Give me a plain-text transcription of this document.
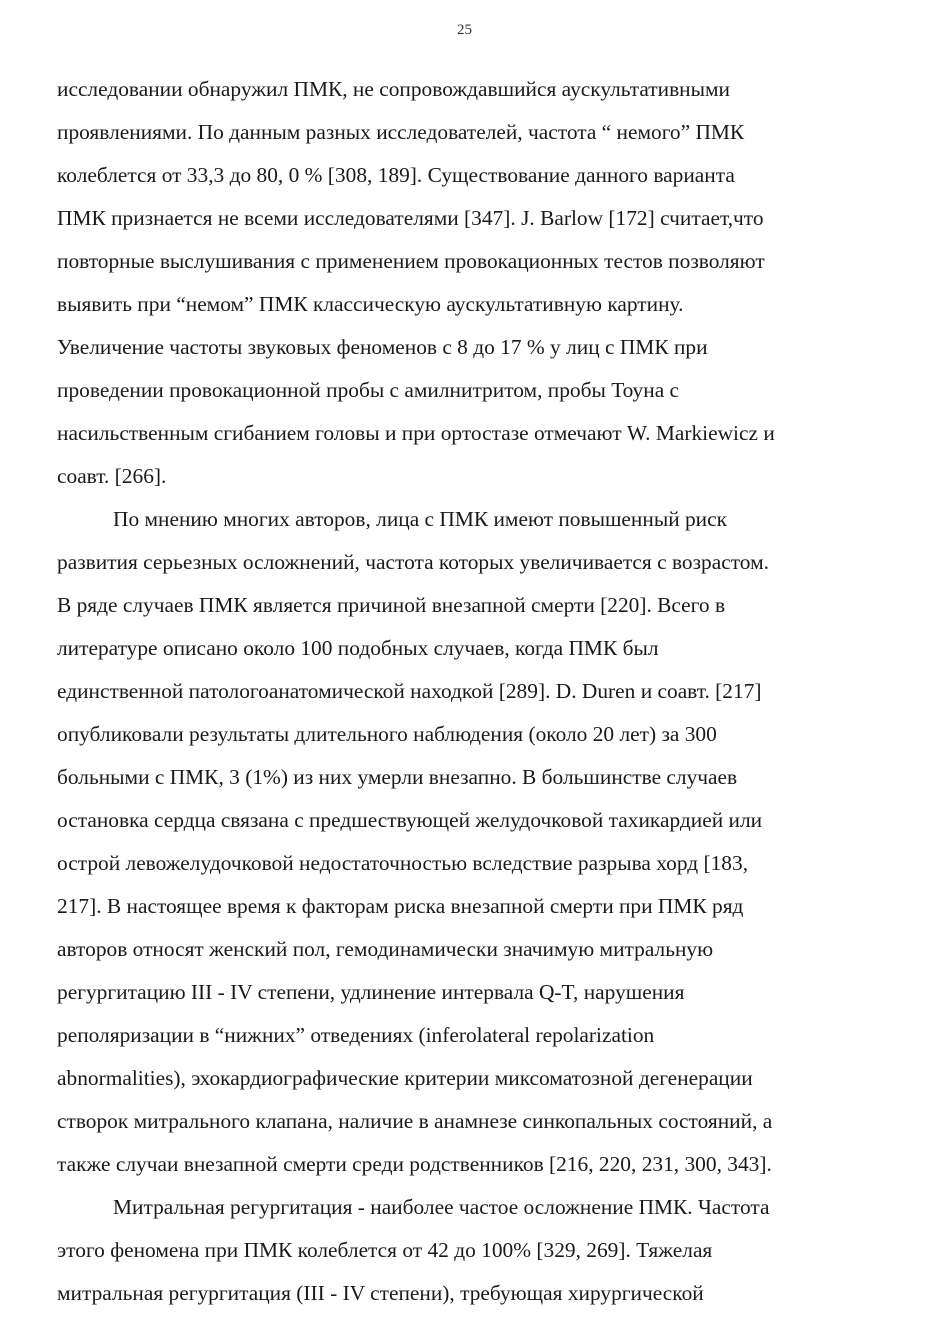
25
исследовании обнаружил ПМК, не сопровождавшийся аускультативными
проявлениями. По данным разных исследователей, частота “ немого” ПМК
колеблется от 33,3 до 80, 0 % [308, 189]. Существование данного варианта
ПМК признается не всеми исследователями [347]. J. Barlow [172] считает,что
повторные выслушивания с применением провокационных тестов позволяют
выявить при “немом” ПМК классическую аускультативную картину.
Увеличение частоты звуковых феноменов с 8 до 17 % у лиц с ПМК при
проведении провокационной пробы с амилнитритом, пробы Тоуна с
насильственным сгибанием головы и при ортостазе отмечают W. Markiewicz и
соавт. [266].
По мнению многих авторов, лица с ПМК имеют повышенный риск
развития серьезных осложнений, частота которых увеличивается с возрастом.
В ряде случаев ПМК является причиной внезапной смерти [220]. Всего в
литературе описано около 100 подобных случаев, когда ПМК был
единственной патологоанатомической находкой [289]. D. Duren и соавт. [217]
опубликовали результаты длительного наблюдения (около 20 лет) за 300
больными с ПМК, 3 (1%) из них умерли внезапно. В большинстве случаев
остановка сердца связана с предшествующей желудочковой тахикардией или
острой левожелудочковой недостаточностью вследствие разрыва хорд [183,
217]. В настоящее время к факторам риска внезапной смерти при ПМК ряд
авторов относят женский пол, гемодинамически значимую митральную
регургитацию III - IV степени, удлинение интервала Q-T, нарушения
реполяризации в “нижних” отведениях (inferolateral repolarization
abnormalities), эхокардиографические критерии миксоматозной дегенерации
створок митрального клапана, наличие в анамнезе синкопальных состояний, а
также случаи внезапной смерти среди родственников [216, 220, 231, 300, 343].
Митральная регургитация - наиболее частое осложнение ПМК. Частота
этого феномена при ПМК колеблется от 42 до 100% [329, 269]. Тяжелая
митральная регургитация (III - IV степени), требующая хирургической
